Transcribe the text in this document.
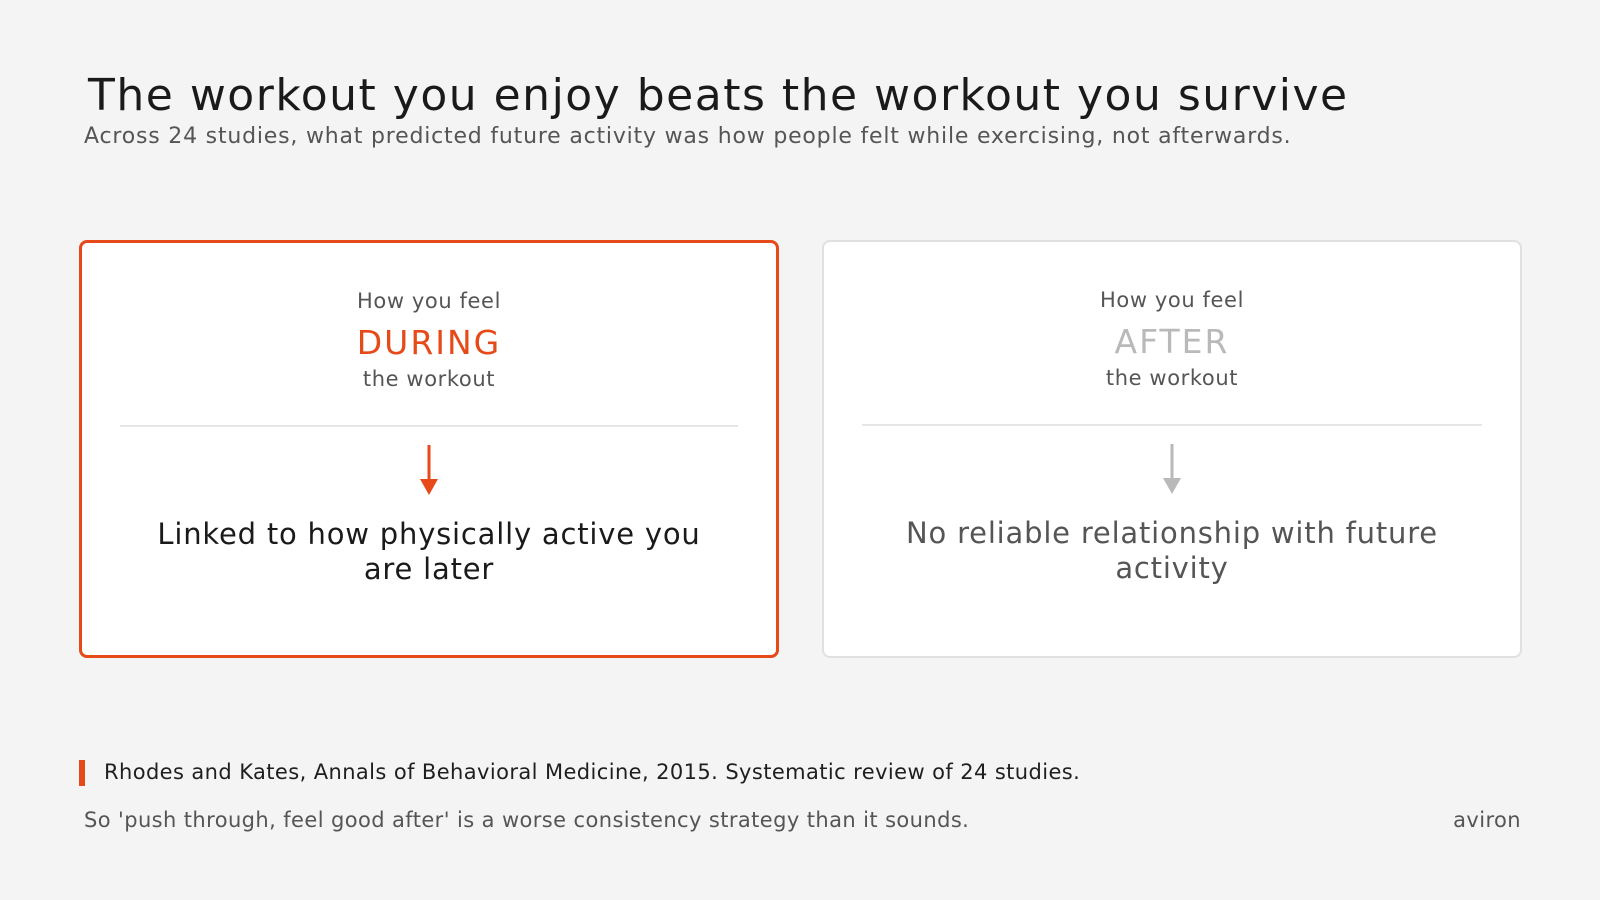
The workout you enjoy beats the workout you survive

Across 24 studies, what predicted future activity was how people felt while exercising, not afterwards.

How you feel
DURING
the workout
Linked to how physically active you are later
How you feel
AFTER
the workout
No reliable relationship with future activity
Rhodes and Kates, Annals of Behavioral Medicine, 2015. Systematic review of 24 studies.
So 'push through, feel good after' is a worse consistency strategy than it sounds.	aviron
